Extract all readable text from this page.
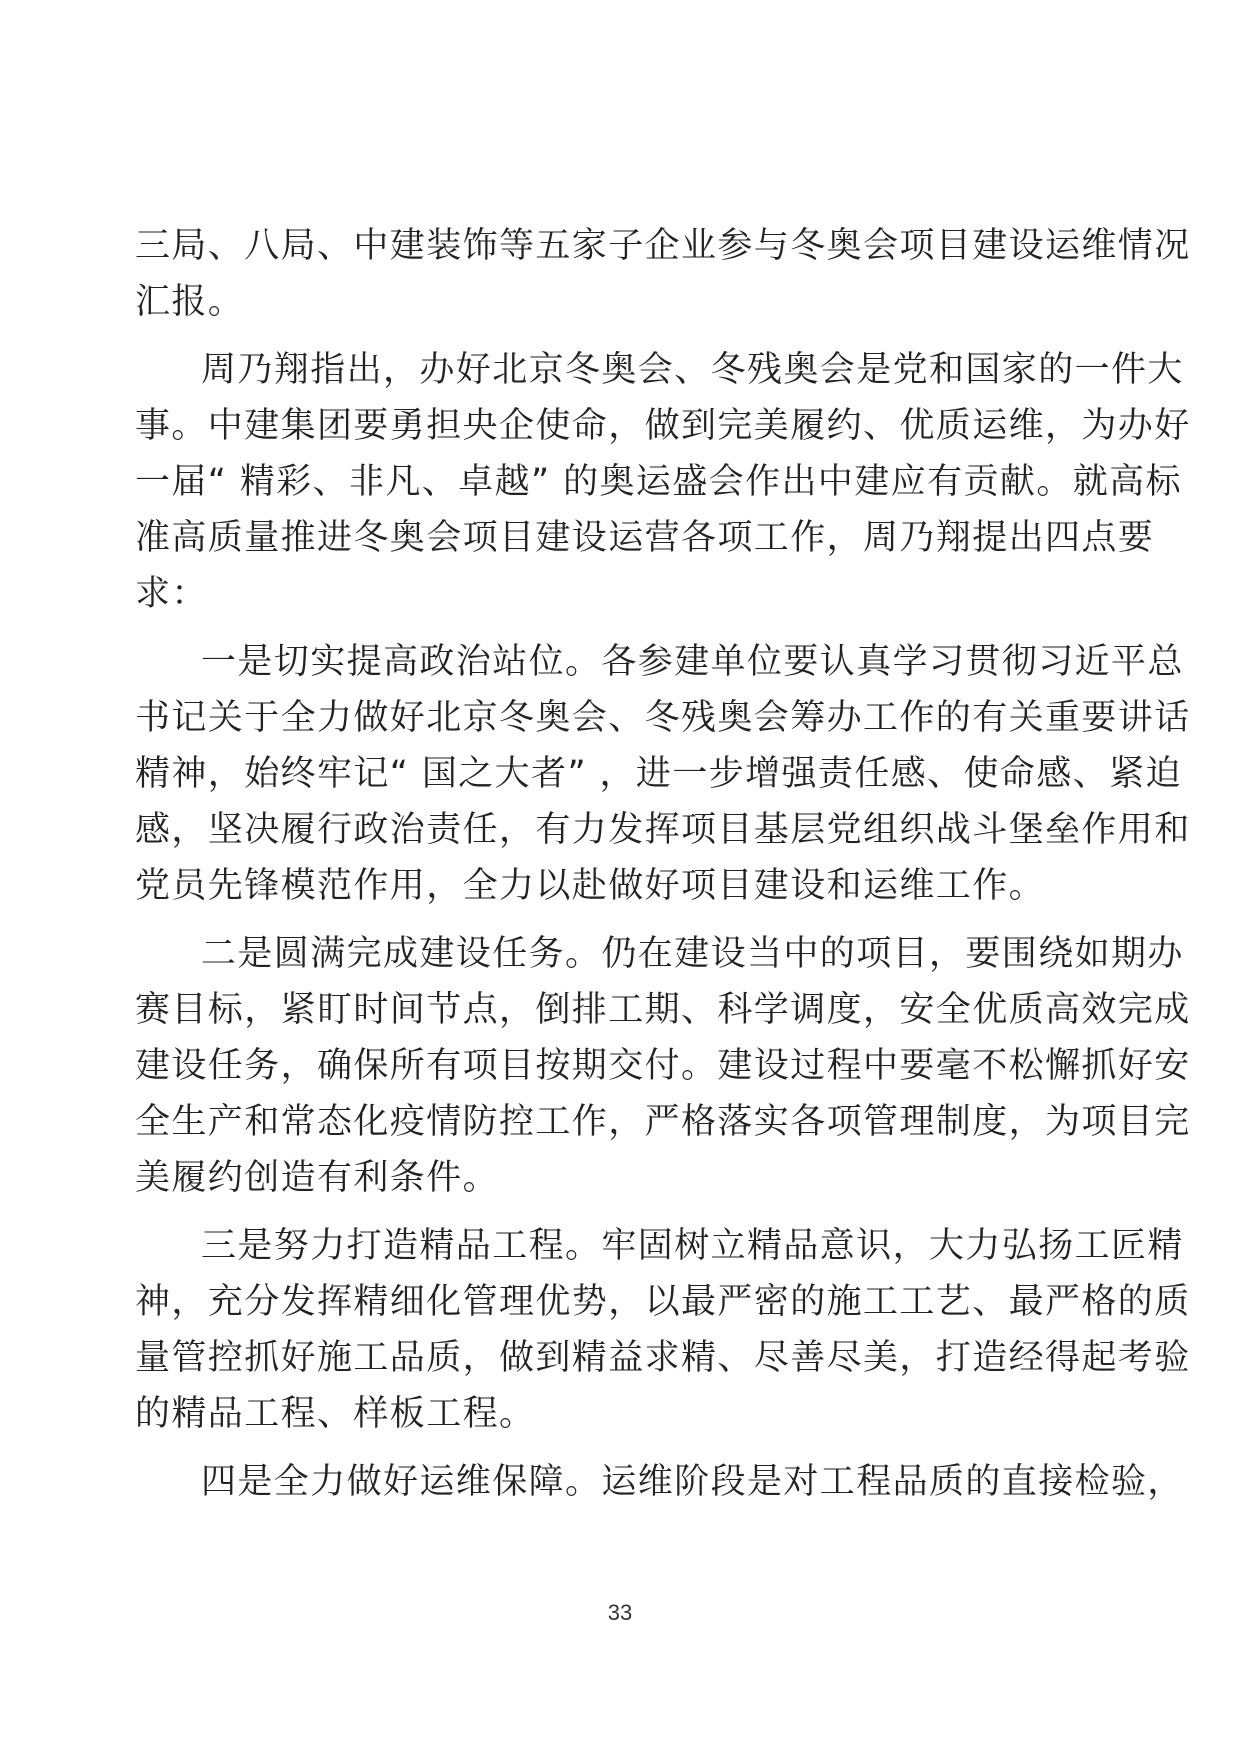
三局、八局、中建装饰等五家子企业参与冬奥会项目建设运维情况
汇报。
周乃翔指出，办好北京冬奥会、冬残奥会是党和国家的一件大
事。中建集团要勇担央企使命，做到完美履约、优质运维，为办好
一届“ 精彩、非凡、卓越” 的奥运盛会作出中建应有贡献。就高标
准高质量推进冬奥会项目建设运营各项工作，周乃翔提出四点要
求：
一是切实提高政治站位。各参建单位要认真学习贯彻习近平总
书记关于全力做好北京冬奥会、冬残奥会筹办工作的有关重要讲话
精神，始终牢记“ 国之大者” ，进一步增强责任感、使命感、紧迫
感，坚决履行政治责任，有力发挥项目基层党组织战斗堡垒作用和
党员先锋模范作用，全力以赴做好项目建设和运维工作。
二是圆满完成建设任务。仍在建设当中的项目，要围绕如期办
赛目标，紧盯时间节点，倒排工期、科学调度，安全优质高效完成
建设任务，确保所有项目按期交付。建设过程中要毫不松懈抓好安
全生产和常态化疫情防控工作，严格落实各项管理制度，为项目完
美履约创造有利条件。
三是努力打造精品工程。牢固树立精品意识，大力弘扬工匠精
神，充分发挥精细化管理优势，以最严密的施工工艺、最严格的质
量管控抓好施工品质，做到精益求精、尽善尽美，打造经得起考验
的精品工程、样板工程。
四是全力做好运维保障。运维阶段是对工程品质的直接检验，
33
